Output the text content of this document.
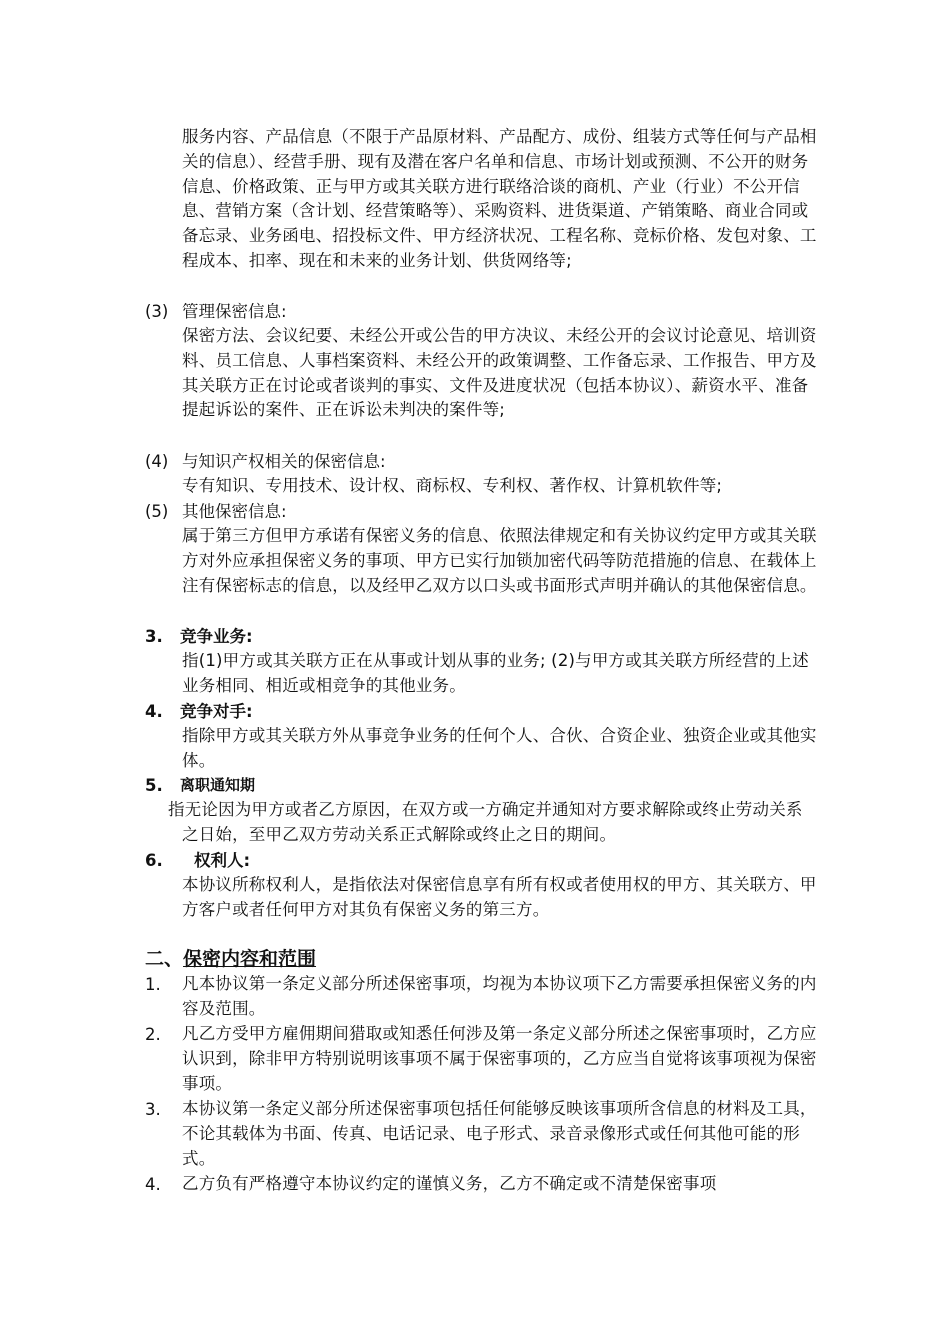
服务内容、产品信息（不限于产品原材料、产品配方、成份、组装方式等任何与产品相关的信息）、经营手册、现有及潜在客户名单和信息、市场计划或预测、不公开的财务信息、价格政策、正与甲方或其关联方进行联络洽谈的商机、产业（行业）不公开信息、营销方案（含计划、经营策略等）、采购资料、进货渠道、产销策略、商业合同或备忘录、业务函电、招投标文件、甲方经济状况、工程名称、竞标价格、发包对象、工程成本、扣率、现在和未来的业务计划、供货网络等;
(3) 管理保密信息:
保密方法、会议纪要、未经公开或公告的甲方决议、未经公开的会议讨论意见、培训资料、员工信息、人事档案资料、未经公开的政策调整、工作备忘录、工作报告、甲方及其关联方正在讨论或者谈判的事实、文件及进度状况（包括本协议）、薪资水平、准备提起诉讼的案件、正在诉讼未判决的案件等;
(4) 与知识产权相关的保密信息:
专有知识、专用技术、设计权、商标权、专利权、著作权、计算机软件等;
(5) 其他保密信息:
属于第三方但甲方承诺有保密义务的信息、依照法律规定和有关协议约定甲方或其关联方对外应承担保密义务的事项、甲方已实行加锁加密代码等防范措施的信息、在载体上注有保密标志的信息，以及经甲乙双方以口头或书面形式声明并确认的其他保密信息。
3. 竞争业务:
指(1)甲方或其关联方正在从事或计划从事的业务; (2)与甲方或其关联方所经营的上述业务相同、相近或相竞争的其他业务。
4. 竞争对手:
指除甲方或其关联方外从事竞争业务的任何个人、合伙、合资企业、独资企业或其他实体。
5. 离职通知期
指无论因为甲方或者乙方原因，在双方或一方确定并通知对方要求解除或终止劳动关系之日始，至甲乙双方劳动关系正式解除或终止之日的期间。
6. 权利人:
本协议所称权利人，是指依法对保密信息享有所有权或者使用权的甲方、其关联方、甲方客户或者任何甲方对其负有保密义务的第三方。
二、保密内容和范围
1. 凡本协议第一条定义部分所述保密事项，均视为本协议项下乙方需要承担保密义务的内容及范围。
2. 凡乙方受甲方雇佣期间猎取或知悉任何涉及第一条定义部分所述之保密事项时，乙方应认识到，除非甲方特别说明该事项不属于保密事项的，乙方应当自觉将该事项视为保密事项。
3. 本协议第一条定义部分所述保密事项包括任何能够反映该事项所含信息的材料及工具，不论其载体为书面、传真、电话记录、电子形式、录音录像形式或任何其他可能的形式。
4. 乙方负有严格遵守本协议约定的谨慎义务，乙方不确定或不清楚保密事项
